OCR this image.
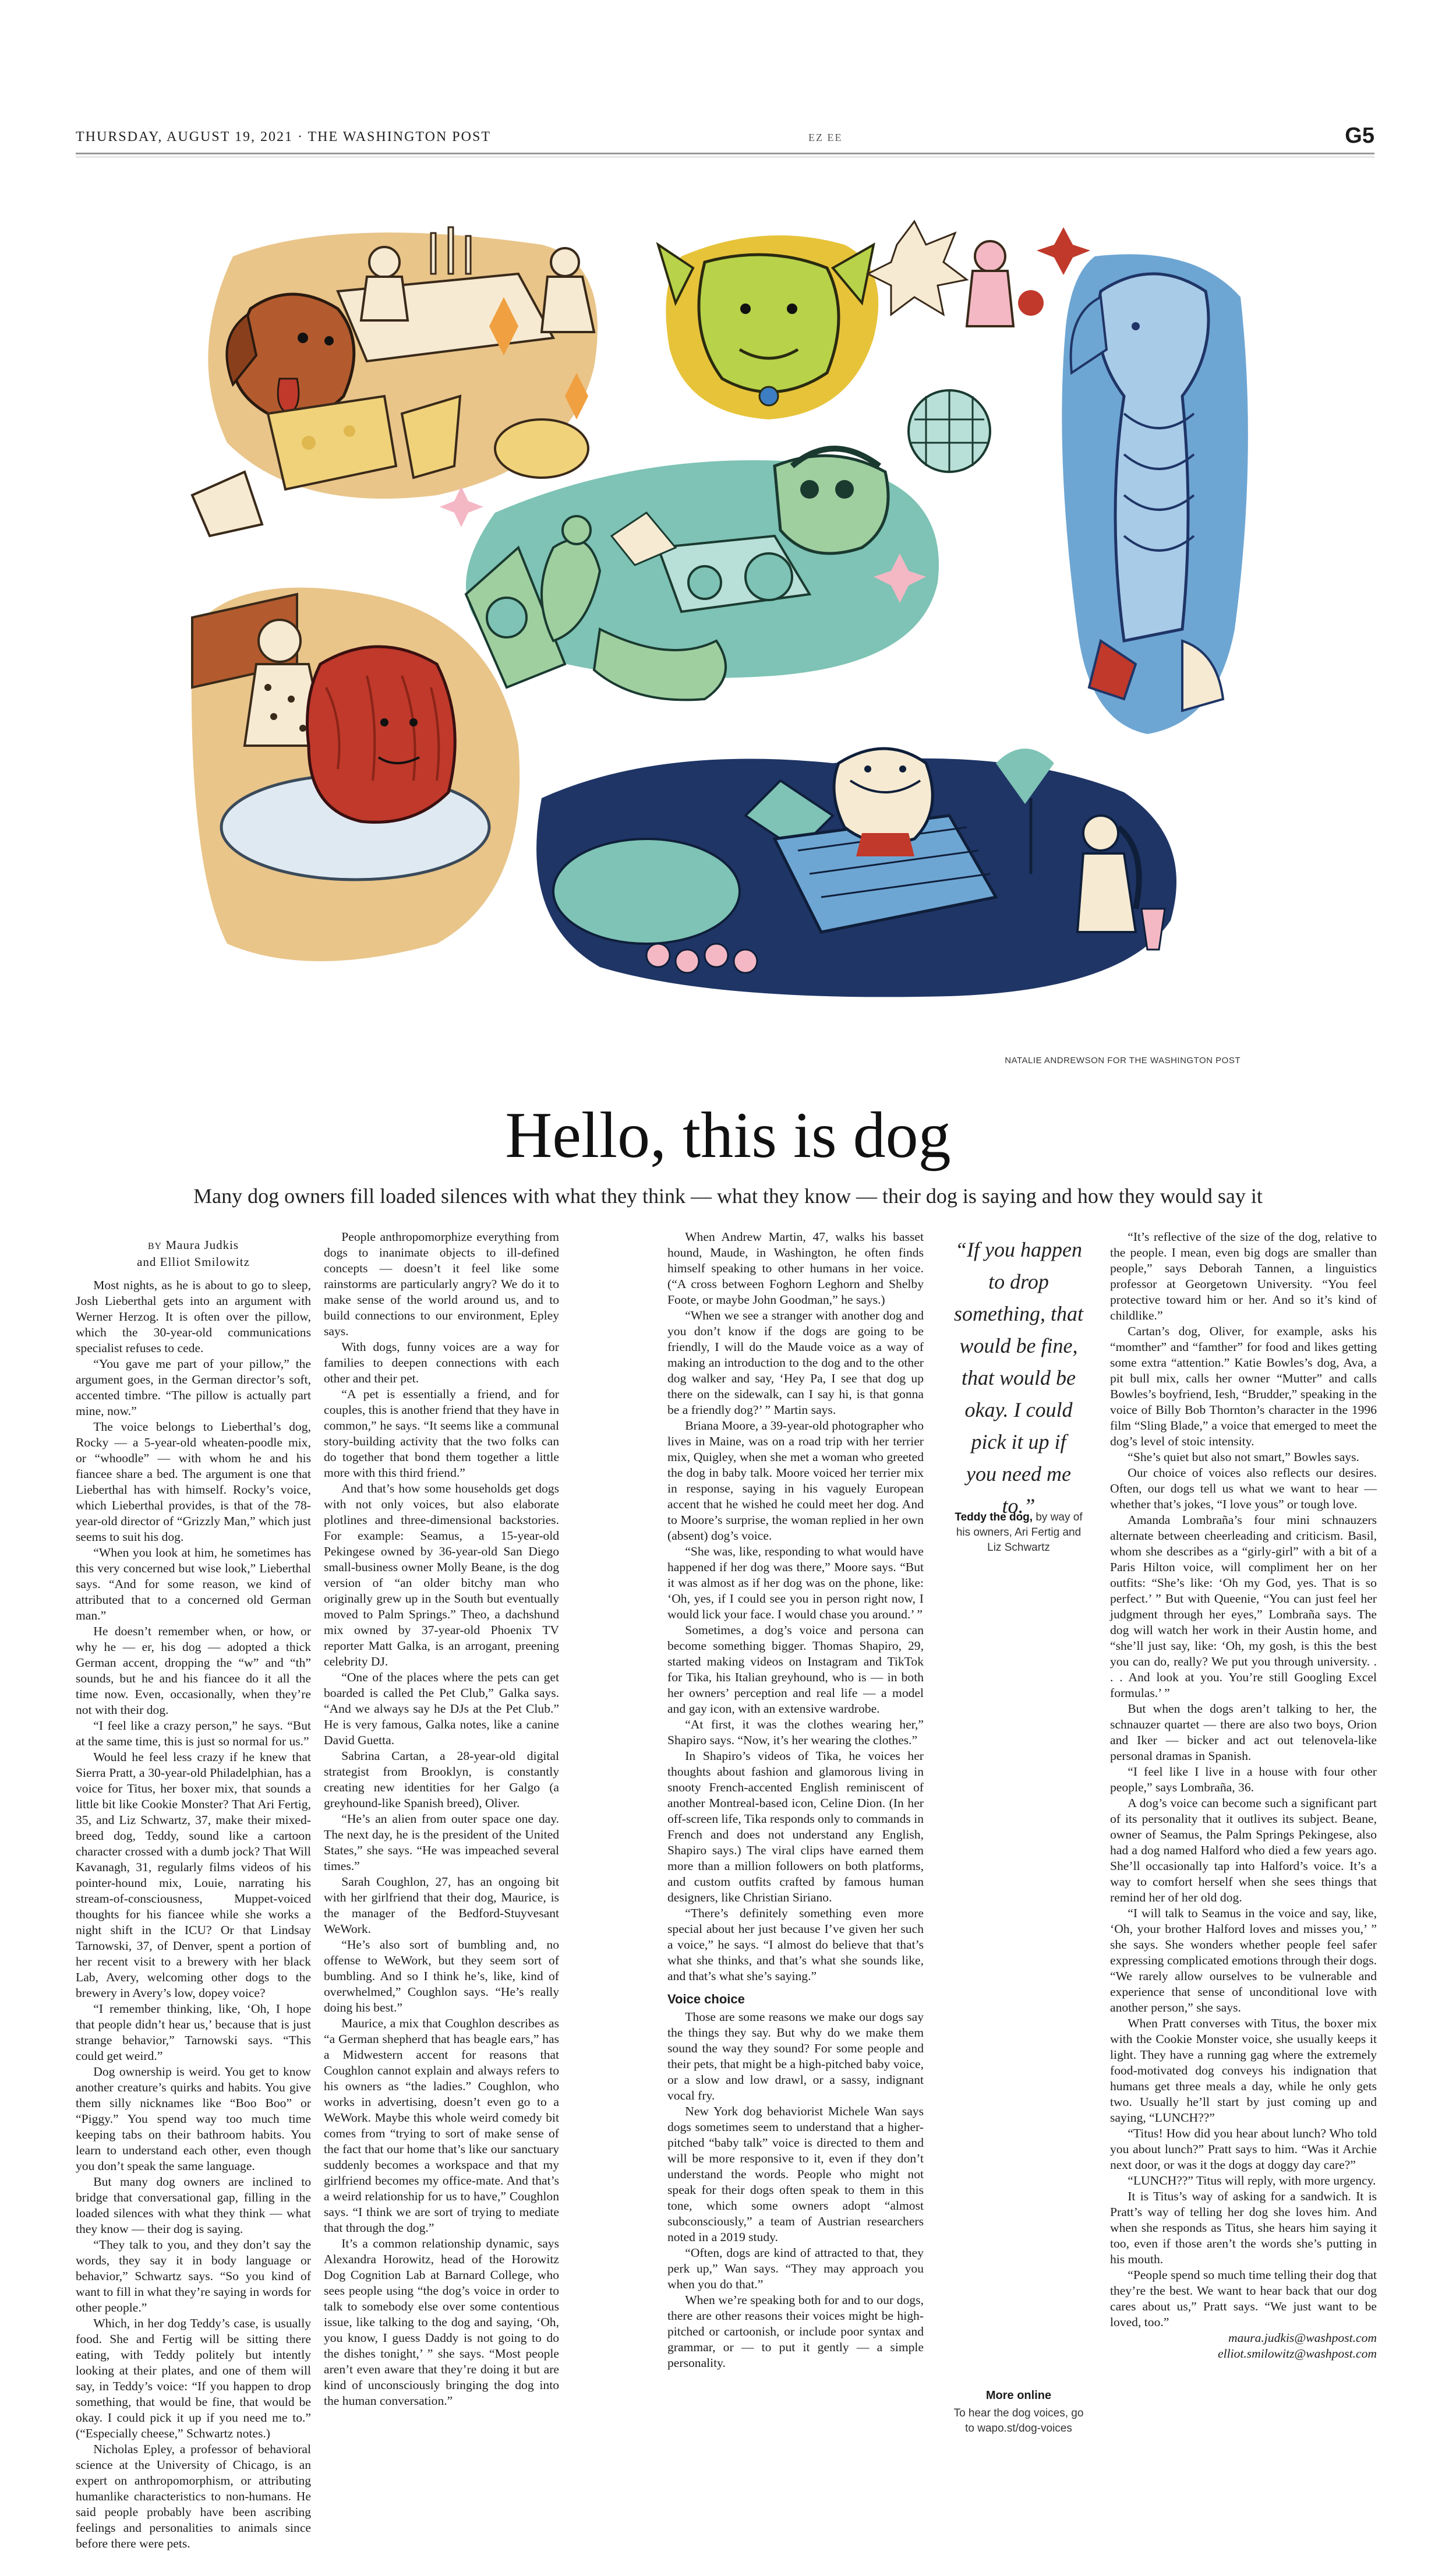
THURSDAY, AUGUST 19, 2021 · THE WASHINGTON POST	EZ EE	G5
NATALIE ANDREWSON FOR THE WASHINGTON POST
Hello, this is dog
Many dog owners fill loaded silences with what they think — what they know — their dog is saying and how they would say it
BY Maura Judkis
and Elliot Smilowitz

Most nights, as he is about to go to sleep, Josh Lieberthal gets into an argument with Werner Herzog. It is often over the pillow, which the 30-year-old communications specialist refuses to cede.

“You gave me part of your pillow,” the argument goes, in the German director’s soft, accented timbre. “The pillow is actually part mine, now.”

The voice belongs to Lieberthal’s dog, Rocky — a 5-year-old wheaten-poodle mix, or “whoodle” — with whom he and his fiancee share a bed. The argument is one that Lieberthal has with himself. Rocky’s voice, which Lieberthal provides, is that of the 78-year-old director of “Grizzly Man,” which just seems to suit his dog.

“When you look at him, he sometimes has this very concerned but wise look,” Lieberthal says. “And for some reason, we kind of attributed that to a concerned old German man.”

He doesn’t remember when, or how, or why he — er, his dog — adopted a thick German accent, dropping the “w” and “th” sounds, but he and his fiancee do it all the time now. Even, occasionally, when they’re not with their dog.

“I feel like a crazy person,” he says. “But at the same time, this is just so normal for us.”

Would he feel less crazy if he knew that Sierra Pratt, a 30-year-old Philadelphian, has a voice for Titus, her boxer mix, that sounds a little bit like Cookie Monster? That Ari Fertig, 35, and Liz Schwartz, 37, make their mixed-breed dog, Teddy, sound like a cartoon character crossed with a dumb jock? That Will Kavanagh, 31, regularly films videos of his pointer-hound mix, Louie, narrating his stream-of-consciousness, Muppet-voiced thoughts for his fiancee while she works a night shift in the ICU? Or that Lindsay Tarnowski, 37, of Denver, spent a portion of her recent visit to a brewery with her black Lab, Avery, welcoming other dogs to the brewery in Avery’s low, dopey voice?

“I remember thinking, like, ‘Oh, I hope that people didn’t hear us,’ because that is just strange behavior,” Tarnowski says. “This could get weird.”

Dog ownership is weird. You get to know another creature’s quirks and habits. You give them silly nicknames like “Boo Boo” or “Piggy.” You spend way too much time keeping tabs on their bathroom habits. You learn to understand each other, even though you don’t speak the same language.

But many dog owners are inclined to bridge that conversational gap, filling in the loaded silences with what they think — what they know — their dog is saying.

“They talk to you, and they don’t say the words, they say it in body language or behavior,” Schwartz says. “So you kind of want to fill in what they’re saying in words for other people.”

Which, in her dog Teddy’s case, is usually food. She and Fertig will be sitting there eating, with Teddy politely but intently looking at their plates, and one of them will say, in Teddy’s voice: “If you happen to drop something, that would be fine, that would be okay. I could pick it up if you need me to.” (“Especially cheese,” Schwartz notes.)

Nicholas Epley, a professor of behavioral science at the University of Chicago, is an expert on anthropomorphism, or attributing humanlike characteristics to non-humans. He said people probably have been ascribing feelings and personalities to animals since before there were pets.

People anthropomorphize everything from dogs to inanimate objects to ill-defined concepts — doesn’t it feel like some rainstorms are particularly angry? We do it to make sense of the world around us, and to build connections to our environment, Epley says.

With dogs, funny voices are a way for families to deepen connections with each other and their pet.

“A pet is essentially a friend, and for couples, this is another friend that they have in common,” he says. “It seems like a communal story-building activity that the two folks can do together that bond them together a little more with this third friend.”

And that’s how some households get dogs with not only voices, but also elaborate plotlines and three-dimensional backstories. For example: Seamus, a 15-year-old Pekingese owned by 36-year-old San Diego small-business owner Molly Beane, is the dog version of “an older bitchy man who originally grew up in the South but eventually moved to Palm Springs.” Theo, a dachshund mix owned by 37-year-old Phoenix TV reporter Matt Galka, is an arrogant, preening celebrity DJ.

“One of the places where the pets can get boarded is called the Pet Club,” Galka says. “And we always say he DJs at the Pet Club.” He is very famous, Galka notes, like a canine David Guetta.

Sabrina Cartan, a 28-year-old digital strategist from Brooklyn, is constantly creating new identities for her Galgo (a greyhound-like Spanish breed), Oliver.

“He’s an alien from outer space one day. The next day, he is the president of the United States,” she says. “He was impeached several times.”

Sarah Coughlon, 27, has an ongoing bit with her girlfriend that their dog, Maurice, is the manager of the Bedford-Stuyvesant WeWork.

“He’s also sort of bumbling and, no offense to WeWork, but they seem sort of bumbling. And so I think he’s, like, kind of overwhelmed,” Coughlon says. “He’s really doing his best.”

Maurice, a mix that Coughlon describes as “a German shepherd that has beagle ears,” has a Midwestern accent for reasons that Coughlon cannot explain and always refers to his owners as “the ladies.” Coughlon, who works in advertising, doesn’t even go to a WeWork. Maybe this whole weird comedy bit comes from “trying to sort of make sense of the fact that our home that’s like our sanctuary suddenly becomes a workspace and that my girlfriend becomes my office-mate. And that’s a weird relationship for us to have,” Coughlon says. “I think we are sort of trying to mediate that through the dog.”

It’s a common relationship dynamic, says Alexandra Horowitz, head of the Horowitz Dog Cognition Lab at Barnard College, who sees people using “the dog’s voice in order to talk to somebody else over some contentious issue, like talking to the dog and saying, ‘Oh, you know, I guess Daddy is not going to do the dishes tonight,’ ” she says. “Most people aren’t even aware that they’re doing it but are kind of unconsciously bringing the dog into the human conversation.”

When Andrew Martin, 47, walks his basset hound, Maude, in Washington, he often finds himself speaking to other humans in her voice. (“A cross between Foghorn Leghorn and Shelby Foote, or maybe John Goodman,” he says.)

“When we see a stranger with another dog and you don’t know if the dogs are going to be friendly, I will do the Maude voice as a way of making an introduction to the dog and to the other dog walker and say, ‘Hey Pa, I see that dog up there on the sidewalk, can I say hi, is that gonna be a friendly dog?’ ” Martin says.

Briana Moore, a 39-year-old photographer who lives in Maine, was on a road trip with her terrier mix, Quigley, when she met a woman who greeted the dog in baby talk. Moore voiced her terrier mix in response, saying in his vaguely European accent that he wished he could meet her dog. And to Moore’s surprise, the woman replied in her own (absent) dog’s voice.

“She was, like, responding to what would have happened if her dog was there,” Moore says. “But it was almost as if her dog was on the phone, like: ‘Oh, yes, if I could see you in person right now, I would lick your face. I would chase you around.’ ”

Sometimes, a dog’s voice and persona can become something bigger. Thomas Shapiro, 29, started making videos on Instagram and TikTok for Tika, his Italian greyhound, who is — in both her owners’ perception and real life — a model and gay icon, with an extensive wardrobe.

“At first, it was the clothes wearing her,” Shapiro says. “Now, it’s her wearing the clothes.”

In Shapiro’s videos of Tika, he voices her thoughts about fashion and glamorous living in snooty French-accented English reminiscent of another Montreal-based icon, Celine Dion. (In her off-screen life, Tika responds only to commands in French and does not understand any English, Shapiro says.) The viral clips have earned them more than a million followers on both platforms, and custom outfits crafted by famous human designers, like Christian Siriano.

“There’s definitely something even more special about her just because I’ve given her such a voice,” he says. “I almost do believe that that’s what she thinks, and that’s what she sounds like, and that’s what she’s saying.”

Voice choice

Those are some reasons we make our dogs say the things they say. But why do we make them sound the way they sound? For some people and their pets, that might be a high-pitched baby voice, or a slow and low drawl, or a sassy, indignant vocal fry.

New York dog behaviorist Michele Wan says dogs sometimes seem to understand that a higher-pitched “baby talk” voice is directed to them and will be more responsive to it, even if they don’t understand the words. People who might not speak for their dogs often speak to them in this tone, which some owners adopt “almost subconsciously,” a team of Austrian researchers noted in a 2019 study.

“Often, dogs are kind of attracted to that, they perk up,” Wan says. “They may approach you when you do that.”

When we’re speaking both for and to our dogs, there are other reasons their voices might be high-pitched or cartoonish, or include poor syntax and grammar, or — to put it gently — a simple personality.

“If you happen to drop something, that would be fine, that would be okay. I could pick it up if you need me to.”
Teddy the dog, by way of his owners, Ari Fertig and Liz Schwartz
More online
To hear the dog voices, go to wapo.st/dog-voices

“It’s reflective of the size of the dog, relative to the people. I mean, even big dogs are smaller than people,” says Deborah Tannen, a linguistics professor at Georgetown University. “You feel protective toward him or her. And so it’s kind of childlike.”

Cartan’s dog, Oliver, for example, asks his “momther” and “famther” for food and likes getting some extra “attention.” Katie Bowles’s dog, Ava, a pit bull mix, calls her owner “Mutter” and calls Bowles’s boyfriend, Iesh, “Brudder,” speaking in the voice of Billy Bob Thornton’s character in the 1996 film “Sling Blade,” a voice that emerged to meet the dog’s level of stoic intensity.

“She’s quiet but also not smart,” Bowles says.

Our choice of voices also reflects our desires. Often, our dogs tell us what we want to hear — whether that’s jokes, “I love yous” or tough love.

Amanda Lombraña’s four mini schnauzers alternate between cheerleading and criticism. Basil, whom she describes as a “girly-girl” with a bit of a Paris Hilton voice, will compliment her on her outfits: “She’s like: ‘Oh my God, yes. That is so perfect.’ ” But with Queenie, “You can just feel her judgment through her eyes,” Lombraña says. The dog will watch her work in their Austin home, and “she’ll just say, like: ‘Oh, my gosh, is this the best you can do, really? We put you through university. . . . And look at you. You’re still Googling Excel formulas.’ ”

But when the dogs aren’t talking to her, the schnauzer quartet — there are also two boys, Orion and Iker — bicker and act out telenovela-like personal dramas in Spanish.

“I feel like I live in a house with four other people,” says Lombraña, 36.

A dog’s voice can become such a significant part of its personality that it outlives its subject. Beane, owner of Seamus, the Palm Springs Pekingese, also had a dog named Halford who died a few years ago. She’ll occasionally tap into Halford’s voice. It’s a way to comfort herself when she sees things that remind her of her old dog.

“I will talk to Seamus in the voice and say, like, ‘Oh, your brother Halford loves and misses you,’ ” she says. She wonders whether people feel safer expressing complicated emotions through their dogs. “We rarely allow ourselves to be vulnerable and experience that sense of unconditional love with another person,” she says.

When Pratt converses with Titus, the boxer mix with the Cookie Monster voice, she usually keeps it light. They have a running gag where the extremely food-motivated dog conveys his indignation that humans get three meals a day, while he only gets two. Usually he’ll start by just coming up and saying, “LUNCH??”

“Titus! How did you hear about lunch? Who told you about lunch?” Pratt says to him. “Was it Archie next door, or was it the dogs at doggy day care?”

“LUNCH??” Titus will reply, with more urgency.

It is Titus’s way of asking for a sandwich. It is Pratt’s way of telling her dog she loves him. And when she responds as Titus, she hears him saying it too, even if those aren’t the words she’s putting in his mouth.

“People spend so much time telling their dog that they’re the best. We want to hear back that our dog cares about us,” Pratt says. “We just want to be loved, too.”

maura.judkis@washpost.com

elliot.smilowitz@washpost.com
